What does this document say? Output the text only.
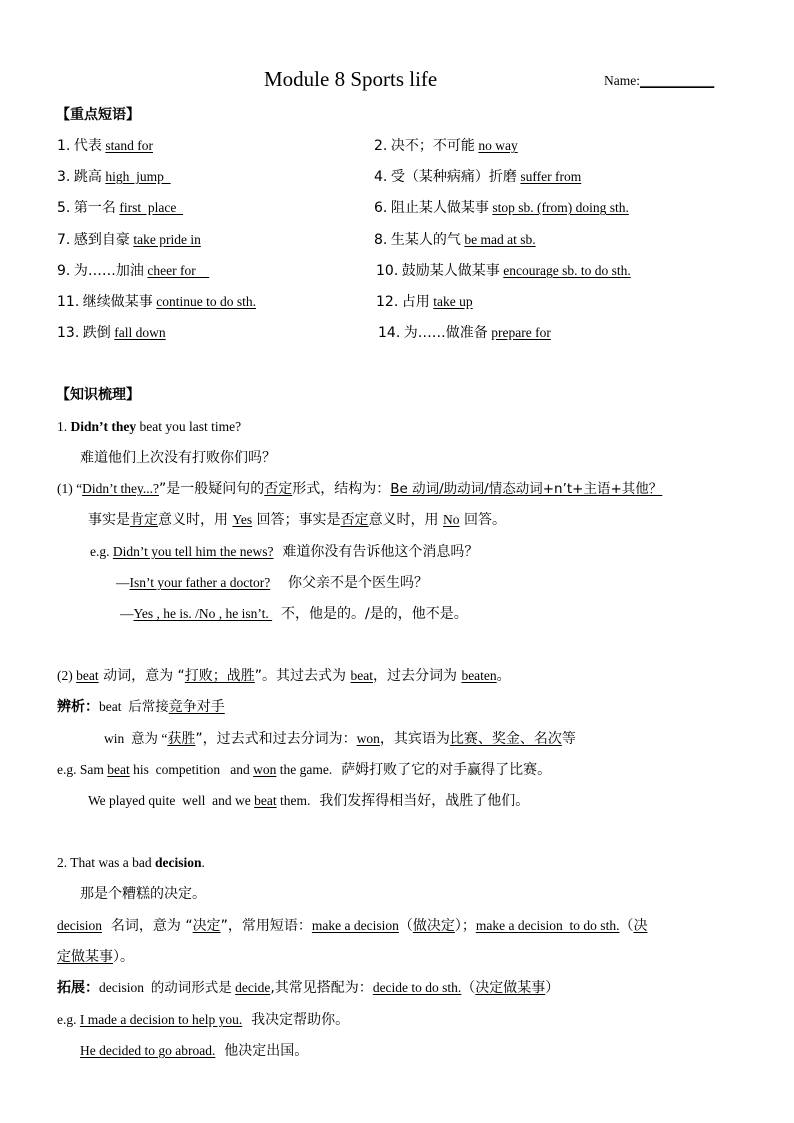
Module 8 Sports life	Name:___________
【重点短语】
1. 代表 stand for	2. 决不；不可能 no way
3. 跳高 high  jump	4. 受（某种病痛）折磨 suffer from
5. 第一名 first  place	6. 阻止某人做某事 stop sb. (from) doing sth.
7. 感到自豪 take pride in	8. 生某人的气 be mad at sb.
9. 为……加油 cheer for	10. 鼓励某人做某事 encourage sb. to do sth.
11. 继续做某事 continue to do sth.	12. 占用 take up
13. 跌倒 fall down	14. 为……做准备 prepare for
【知识梳理】
1. Didn’t they beat you last time?
难道他们上次没有打败你们吗？
(1) “Didn’t they...?”是一般疑问句的否定形式，结构为：Be 动词/助动词/情态动词+n’t+主语+其他？
事实是肯定意义时，用 Yes 回答；事实是否定意义时，用 No 回答。
e.g. Didn’t you tell him the news?  难道你没有告诉他这个消息吗？
—Isn’t your father a doctor?    你父亲不是个医生吗？
—Yes , he is. /No , he isn’t.   不，他是的。/是的，他不是。
(2) beat 动词，意为 “打败；战胜”。其过去式为 beat，过去分词为 beaten。
辨析：beat  后常接竞争对手
win  意为 “获胜”，过去式和过去分词为：won，其宾语为比赛、奖金、名次等
e.g. Sam beat his  competition   and won the game.  萨姆打败了它的对手赢得了比赛。
We played quite  well  and we beat them.  我们发挥得相当好，战胜了他们。
2. That was a bad decision.
那是个糟糕的决定。
decision  名词，意为 “决定”，常用短语：make a decision（做决定）；make a decision  to do sth.（决
定做某事）。
拓展：decision  的动词形式是 decide,其常见搭配为：decide to do sth.（决定做某事）
e.g. I made a decision to help you.  我决定帮助你。
He decided to go abroad.  他决定出国。
